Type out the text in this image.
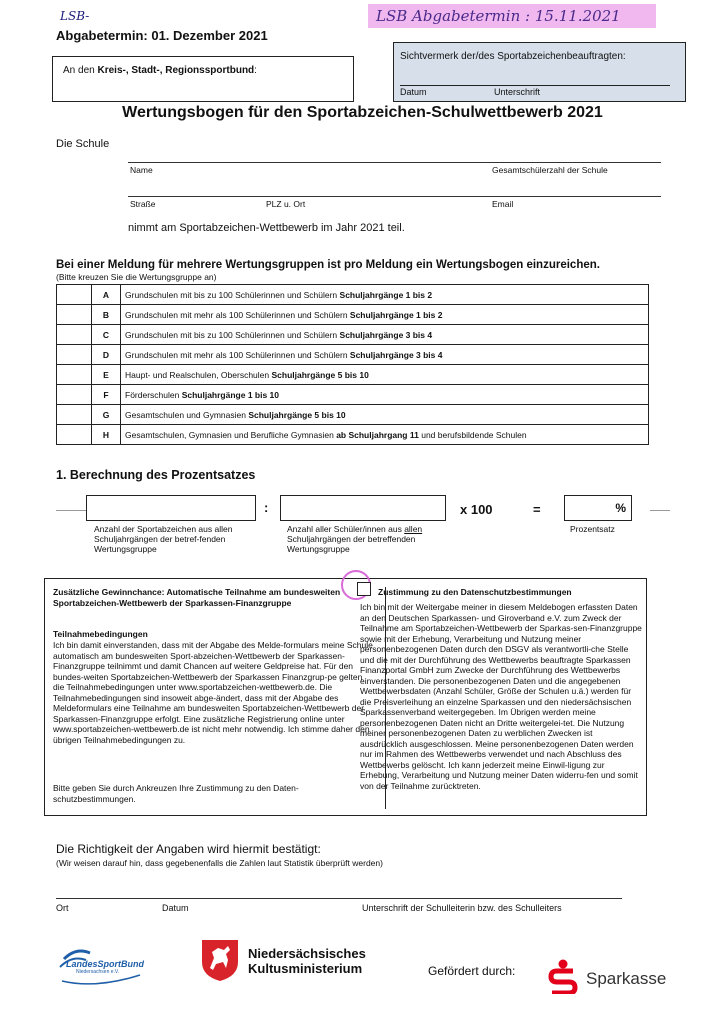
LSB-	LSB Abgabetermin : 15.11.2021
Abgabetermin: 01. Dezember 2021
An den Kreis-, Stadt-, Regionssportbund:
Sichtvermerk der/des Sportabzeichenbeauftragten:
Datum	Unterschrift
Wertungsbogen für den Sportabzeichen-Schulwettbewerb 2021
Die Schule
Name	Gesamtschülerzahl der Schule
Straße	PLZ u. Ort	Email
nimmt am Sportabzeichen-Wettbewerb im Jahr 2021 teil.
Bei einer Meldung für mehrere Wertungsgruppen ist pro Meldung ein Wertungsbogen einzureichen.
(Bitte kreuzen Sie die Wertungsgruppe an)
	A	Grundschulen mit bis zu 100 Schülerinnen und Schülern Schuljahrgänge 1 bis 2
	B	Grundschulen mit mehr als 100 Schülerinnen und Schülern Schuljahrgänge 1 bis 2
	C	Grundschulen mit bis zu 100 Schülerinnen und Schülern Schuljahrgänge 3 bis 4
	D	Grundschulen mit mehr als 100 Schülerinnen und Schülern Schuljahrgänge 3 bis 4
	E	Haupt- und Realschulen, Oberschulen Schuljahrgänge 5 bis 10
	F	Förderschulen Schuljahrgänge 1 bis 10
	G	Gesamtschulen und Gymnasien Schuljahrgänge 5 bis 10
	H	Gesamtschulen, Gymnasien und Berufliche Gymnasien ab Schuljahrgang 11 und berufsbildende Schulen
1. Berechnung des Prozentsatzes
:	x 100	=	%
Anzahl der Sportabzeichen aus allen Schuljahrgängen der betref-fenden Wertungsgruppe
Anzahl aller Schüler/innen aus allen Schuljahrgängen der betreffenden Wertungsgruppe
Prozentsatz
Zusätzliche Gewinnchance: Automatische Teilnahme am bundesweiten Sportabzeichen-Wettbewerb der Sparkassen-Finanzgruppe
Teilnahmebedingungen
Ich bin damit einverstanden, dass mit der Abgabe des Melde-formulars meine Schule automatisch am bundesweiten Sport-abzeichen-Wettbewerb der Sparkassen-Finanzgruppe teilnimmt und damit Chancen auf weitere Geldpreise hat. Für den bundes-weiten Sportabzeichen-Wettbewerb der Sparkassen Finanzgrup-pe gelten die Teilnahmebedingungen unter www.sportabzeichen-wettbewerb.de. Die Teilnahmebedingungen sind insoweit abge-ändert, dass mit der Abgabe des Meldeformulars eine Teilnahme am bundesweiten Sportabzeichen-Wettbewerb der Sparkassen-Finanzgruppe erfolgt. Eine zusätzliche Registrierung online unter www.sportabzeichen-wettbewerb.de ist nicht mehr notwendig. Ich stimme daher den übrigen Teilnahmebedingungen zu.
Bitte geben Sie durch Ankreuzen Ihre Zustimmung zu den Daten-schutzbestimmungen.
Zustimmung zu den Datenschutzbestimmungen
Ich bin mit der Weitergabe meiner in diesem Meldebogen erfassten Daten an den Deutschen Sparkassen- und Giroverband e.V. zum Zweck der Teilnahme am Sportabzeichen-Wettbewerb der Sparkas-sen-Finanzgruppe sowie mit der Erhebung, Verarbeitung und Nutzung meiner personenbezogenen Daten durch den DSGV als verantwortli-che Stelle und die mit der Durchführung des Wettbewerbs beauftragte Sparkassen Finanzportal GmbH zum Zwecke der Durchführung des Wettbewerbs einverstanden. Die personenbezogenen Daten und die angegebenen Wettbewerbsdaten (Anzahl Schüler, Größe der Schulen u.ä.) werden für die Preisverleihung an einzelne Sparkassen und den niedersächsischen Sparkassenverband weitergegeben. Im Übrigen werden meine personenbezogenen Daten nicht an Dritte weitergelei-tet. Die Nutzung meiner personenbezogenen Daten zu werblichen Zwecken ist ausdrücklich ausgeschlossen. Meine personenbezogenen Daten werden nur im Rahmen des Wettbewerbs verwendet und nach Abschluss des Wettbewerbs gelöscht. Ich kann jederzeit meine Einwil-ligung zur Erhebung, Verarbeitung und Nutzung meiner Daten widerru-fen und somit von der Teilnahme zurücktreten.
Die Richtigkeit der Angaben wird hiermit bestätigt:
(Wir weisen darauf hin, dass gegebenenfalls die Zahlen laut Statistik überprüft werden)
Ort	Datum	Unterschrift der Schulleiterin bzw. des Schulleiters
LandesSportBund
Niedersachsen e.V.
Niedersächsisches
Kultusministerium	Gefördert durch:	Sparkasse
